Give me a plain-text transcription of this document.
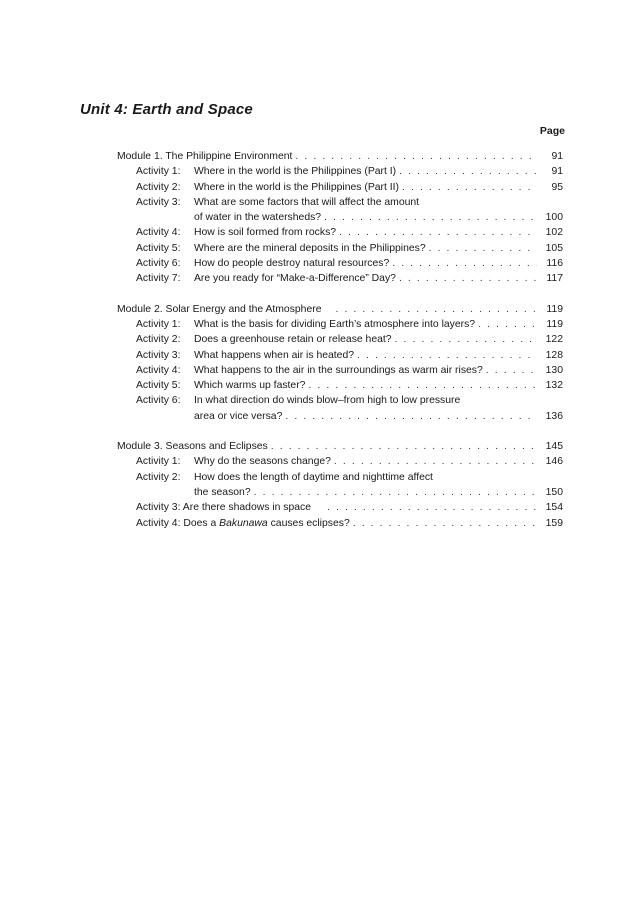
Unit 4: Earth and Space
Page
Module 1. The Philippine Environment . . .	91
Activity 1: Where in the world is the Philippines (Part I) . . .	91
Activity 2: Where in the world is the Philippines (Part II) . . .	95
Activity 3: What are some factors that will affect the amount
of water in the watersheds? . . .	100
Activity 4: How is soil formed from rocks? . . .	102
Activity 5: Where are the mineral deposits in the Philippines? . . .	105
Activity 6: How do people destroy natural resources? . . .	116
Activity 7: Are you ready for “Make-a-Difference” Day? . . .	117
Module 2. Solar Energy and the Atmosphere . . .	119
Activity 1: What is the basis for dividing Earth’s atmosphere into layers? . . .	119
Activity 2: Does a greenhouse retain or release heat? . . .	122
Activity 3: What happens when air is heated? . . .	128
Activity 4: What happens to the air in the surroundings as warm air rises? . . .	130
Activity 5: Which warms up faster? . . .	132
Activity 6: In what direction do winds blow–from high to low pressure
area or vice versa? . . .	136
Module 3. Seasons and Eclipses . . .	145
Activity 1: Why do the seasons change? . . .	146
Activity 2: How does the length of daytime and nighttime affect
the season? . . .	150
Activity 3: Are there shadows in space . . .	154
Activity 4: Does a Bakunawa causes eclipses? . . .	159
